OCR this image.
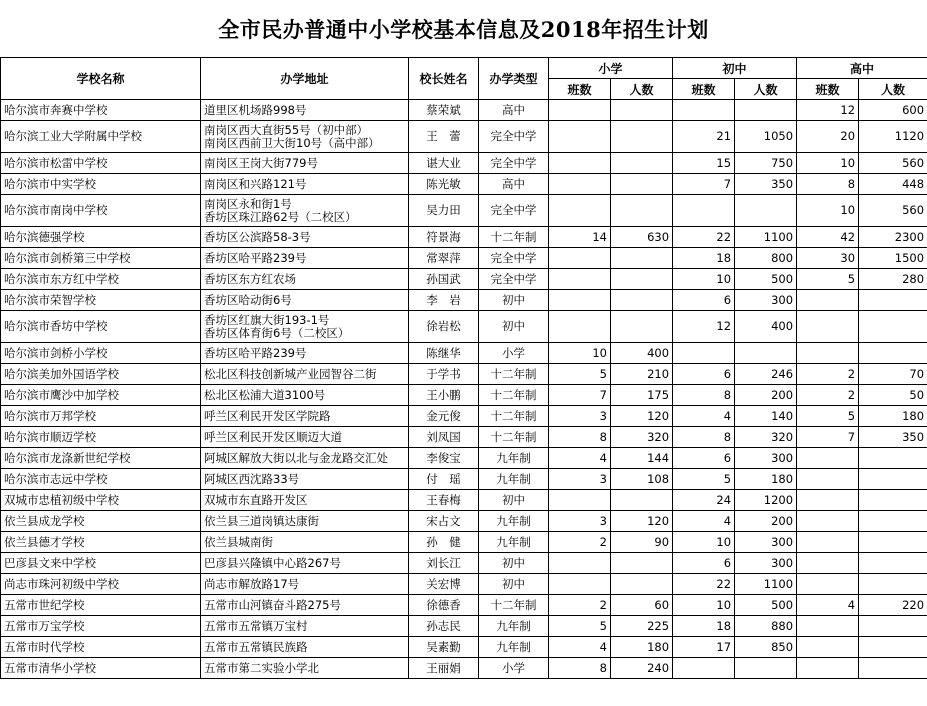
全市民办普通中小学校基本信息及2018年招生计划
学校名称	办学地址	校长姓名	办学类型	小学		初中		高中	
				班数	人数	班数	人数	班数	人数
哈尔滨市奔赛中学校	道里区机场路998号	蔡荣斌	高中					12	600
哈尔滨工业大学附属中学校	南岗区西大直街55号（初中部）
南岗区西前卫大街10号（高中部）	王　蕾	完全中学			21	1050	20	1120
哈尔滨市松雷中学校	南岗区王岗大街779号	谌大业	完全中学			15	750	10	560
哈尔滨市中实学校	南岗区和兴路121号	陈光敏	高中			7	350	8	448
哈尔滨市南岗中学校	南岗区永和街1号
香坊区珠江路62号（二校区）	吴力田	完全中学					10	560
哈尔滨德强学校	香坊区公滨路58-3号	符景海	十二年制	14	630	22	1100	42	2300
哈尔滨市剑桥第三中学校	香坊区哈平路239号	常翠萍	完全中学			18	800	30	1500
哈尔滨市东方红中学校	香坊区东方红农场	孙国武	完全中学			10	500	5	280
哈尔滨市荣智学校	香坊区哈动街6号	李　岩	初中			6	300		
哈尔滨市香坊中学校	香坊区红旗大街193-1号
香坊区体育街6号（二校区）	徐岩松	初中			12	400		
哈尔滨市剑桥小学校	香坊区哈平路239号	陈继华	小学	10	400				
哈尔滨美加外国语学校	松北区科技创新城产业园智谷二街	于学书	十二年制	5	210	6	246	2	70
哈尔滨市鹰沙中加学校	松北区松浦大道3100号	王小鹏	十二年制	7	175	8	200	2	50
哈尔滨市万邦学校	呼兰区利民开发区学院路	金元俊	十二年制	3	120	4	140	5	180
哈尔滨市顺迈学校	呼兰区利民开发区顺迈大道	刘凤国	十二年制	8	320	8	320	7	350
哈尔滨市龙涤新世纪学校	阿城区解放大街以北与金龙路交汇处	李俊宝	九年制	4	144	6	300		
哈尔滨市志远中学校	阿城区西沈路33号	付　瑶	九年制	3	108	5	180		
双城市忠植初级中学校	双城市东直路开发区	王春梅	初中			24	1200		
依兰县成龙学校	依兰县三道岗镇达康街	宋占文	九年制	3	120	4	200		
依兰县德才学校	依兰县城南街	孙　健	九年制	2	90	10	300		
巴彦县文来中学校	巴彦县兴隆镇中心路267号	刘长江	初中			6	300		
尚志市珠河初级中学校	尚志市解放路17号	关宏博	初中			22	1100		
五常市世纪学校	五常市山河镇奋斗路275号	徐德香	十二年制	2	60	10	500	4	220
五常市万宝学校	五常市五常镇万宝村	孙志民	九年制	5	225	18	880		
五常市时代学校	五常市五常镇民族路	吴素勤	九年制	4	180	17	850		
五常市清华小学校	五常市第二实验小学北	王丽娟	小学	8	240				
